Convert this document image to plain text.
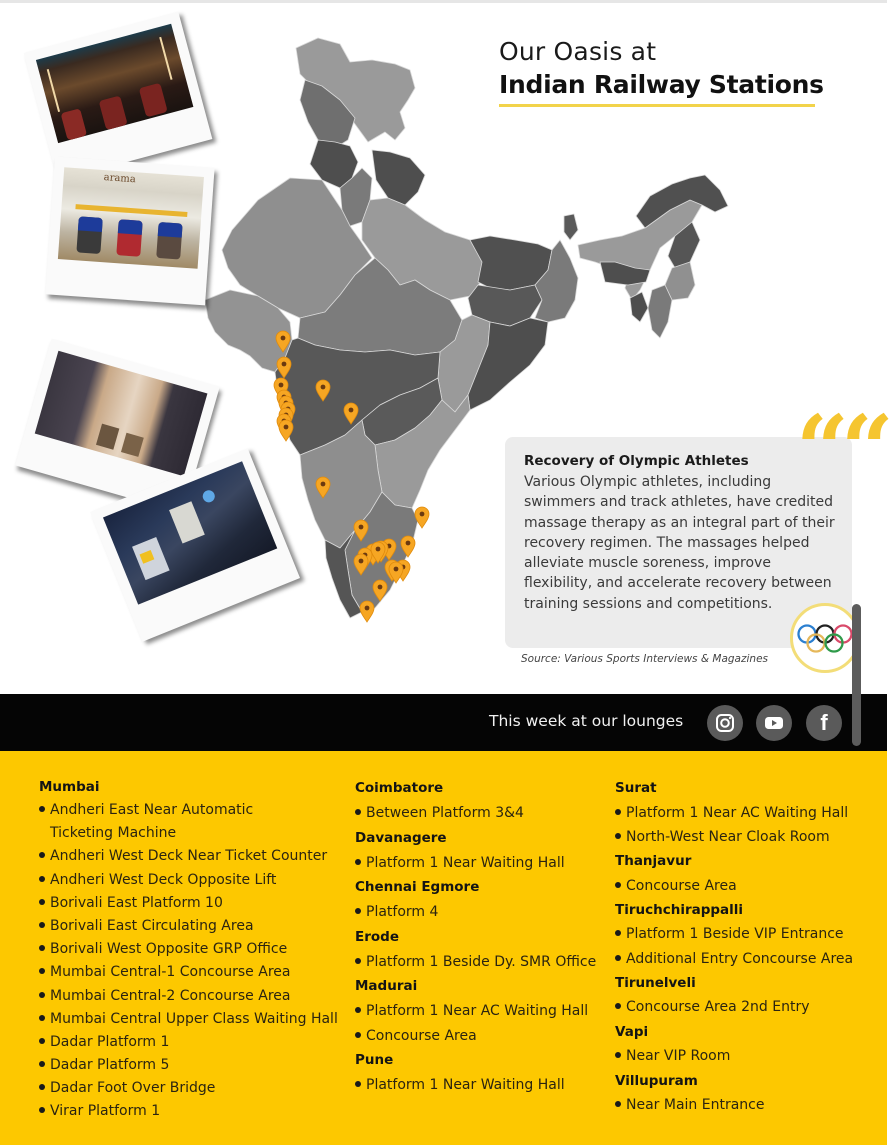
Our Oasis at
Indian Railway Stations
arama
““
Recovery of Olympic Athletes
Various Olympic athletes, including swimmers and track athletes, have credited massage therapy as an integral part of their recovery regimen. The massages helped alleviate muscle soreness, improve flexibility, and accelerate recovery between training sessions and competitions.
Source: Various Sports Interviews & Magazines
This week at our lounges	f
Mumbai
Andheri East Near Automatic
Ticketing Machine
Andheri West Deck Near Ticket Counter
Andheri West Deck Opposite Lift
Borivali East Platform 10
Borivali East Circulating Area
Borivali West Opposite GRP Office
Mumbai Central-1 Concourse Area
Mumbai Central-2 Concourse Area
Mumbai Central Upper Class Waiting Hall
Dadar Platform 1
Dadar Platform 5
Dadar Foot Over Bridge
Virar Platform 1
Coimbatore
Between Platform 3&4
Davanagere
Platform 1 Near Waiting Hall
Chennai Egmore
Platform 4
Erode
Platform 1 Beside Dy. SMR Office
Madurai
Platform 1 Near AC Waiting Hall
Concourse Area
Pune
Platform 1 Near Waiting Hall
Surat
Platform 1 Near AC Waiting Hall
North-West Near Cloak Room
Thanjavur
Concourse Area
Tiruchchirappalli
Platform 1 Beside VIP Entrance
Additional Entry Concourse Area
Tirunelveli
Concourse Area 2nd Entry
Vapi
Near VIP Room
Villupuram
Near Main Entrance
